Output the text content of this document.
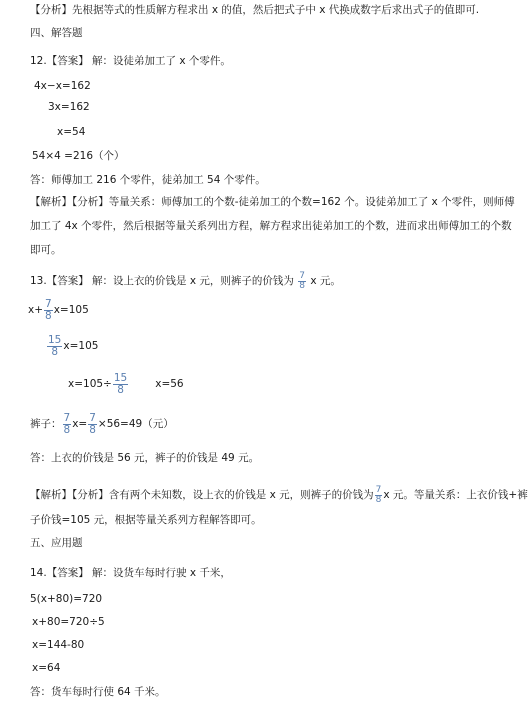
【分析】先根据等式的性质解方程求出 x 的值，然后把式子中 x 代换成数字后求出式子的值即可.
四、解答题
12.【答案】 解：设徒弟加工了 x 个零件。
4x−x=162
3x=162
x=54
54×4 =216（个）
答：师傅加工 216 个零件，徒弟加工 54 个零件。
【解析】【分析】等量关系：师傅加工的个数-徒弟加工的个数=162 个。设徒弟加工了 x 个零件，则师傅
加工了 4x 个零件，然后根据等量关系列出方程，解方程求出徒弟加工的个数，进而求出师傅加工的个数
即可。
13.【答案】 解：设上衣的价钱是 x 元，则裤子的价钱为 $\frac{7}{8}$ x 元。
$x+ \frac{7}{8} x=105$
$\frac{15}{8} x=105$
$x=105\div \frac{15}{8}$	x=56
裤子： $\frac{7}{8} x= \frac{7}{8} \times 56=49$（元）
答：上衣的价钱是 56 元，裤子的价钱是 49 元。
【解析】【分析】含有两个未知数，设上衣的价钱是 x 元，则裤子的价钱为 $\frac{7}{8}$ x 元。等量关系：上衣价钱+裤
子价钱=105 元，根据等量关系列方程解答即可。
五、应用题
14.【答案】 解：设货车每时行驶 x 千米，
5(x+80)=720
x+80=720÷5
x=144-80
x=64
答：货车每时行使 64 千米。
